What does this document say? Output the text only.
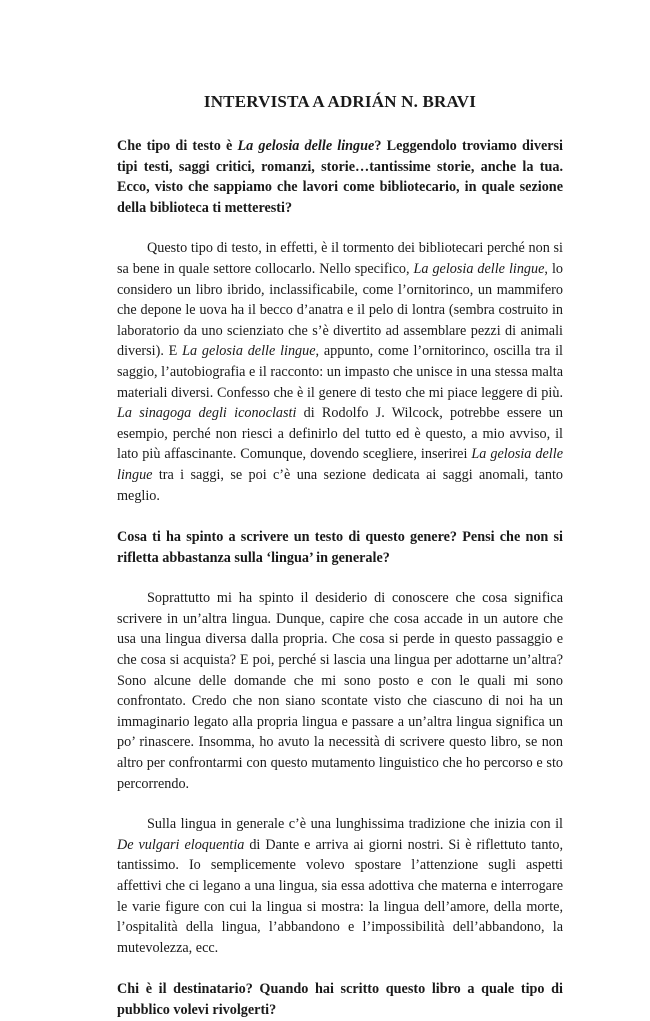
INTERVISTA A ADRIÁN N. BRAVI

Che tipo di testo è La gelosia delle lingue? Leggendolo troviamo diversi tipi testi, saggi critici, romanzi, storie…tantissime storie, anche la tua. Ecco, visto che sappiamo che lavori come bibliotecario, in quale sezione della biblioteca ti metteresti?

Questo tipo di testo, in effetti, è il tormento dei bibliotecari perché non si sa bene in quale settore collocarlo. Nello specifico, La gelosia delle lingue, lo considero un libro ibrido, inclassificabile, come l’ornitorinco, un mammifero che depone le uova ha il becco d’anatra e il pelo di lontra (sembra costruito in laboratorio da uno scienziato che s’è divertito ad assemblare pezzi di animali diversi). E La gelosia delle lingue, appunto, come l’ornitorinco, oscilla tra il saggio, l’autobiografia e il racconto: un impasto che unisce in una stessa malta materiali diversi. Confesso che è il genere di testo che mi piace leggere di più. La sinagoga degli iconoclasti di Rodolfo J. Wilcock, potrebbe essere un esempio, perché non riesci a definirlo del tutto ed è questo, a mio avviso, il lato più affascinante. Comunque, dovendo scegliere, inserirei La gelosia delle lingue tra i saggi, se poi c’è una sezione dedicata ai saggi anomali, tanto meglio.

Cosa ti ha spinto a scrivere un testo di questo genere? Pensi che non si rifletta abbastanza sulla ‘lingua’ in generale?

Soprattutto mi ha spinto il desiderio di conoscere che cosa significa scrivere in un’altra lingua. Dunque, capire che cosa accade in un autore che usa una lingua diversa dalla propria. Che cosa si perde in questo passaggio e che cosa si acquista? E poi, perché si lascia una lingua per adottarne un’altra? Sono alcune delle domande che mi sono posto e con le quali mi sono confrontato. Credo che non siano scontate visto che ciascuno di noi ha un immaginario legato alla propria lingua e passare a un’altra lingua significa un po’ rinascere. Insomma, ho avuto la necessità di scrivere questo libro, se non altro per confrontarmi con questo mutamento linguistico che ho percorso e sto percorrendo.

Sulla lingua in generale c’è una lunghissima tradizione che inizia con il De vulgari eloquentia di Dante e arriva ai giorni nostri. Si è riflettuto tanto, tantissimo. Io semplicemente volevo spostare l’attenzione sugli aspetti affettivi che ci legano a una lingua, sia essa adottiva che materna e interrogare le varie figure con cui la lingua si mostra: la lingua dell’amore, della morte, l’ospitalità della lingua, l’abbandono e l’impossibilità dell’abbandono, la mutevolezza, ecc.

Chi è il destinatario? Quando hai scritto questo libro a quale tipo di pubblico volevi rivolgerti?
